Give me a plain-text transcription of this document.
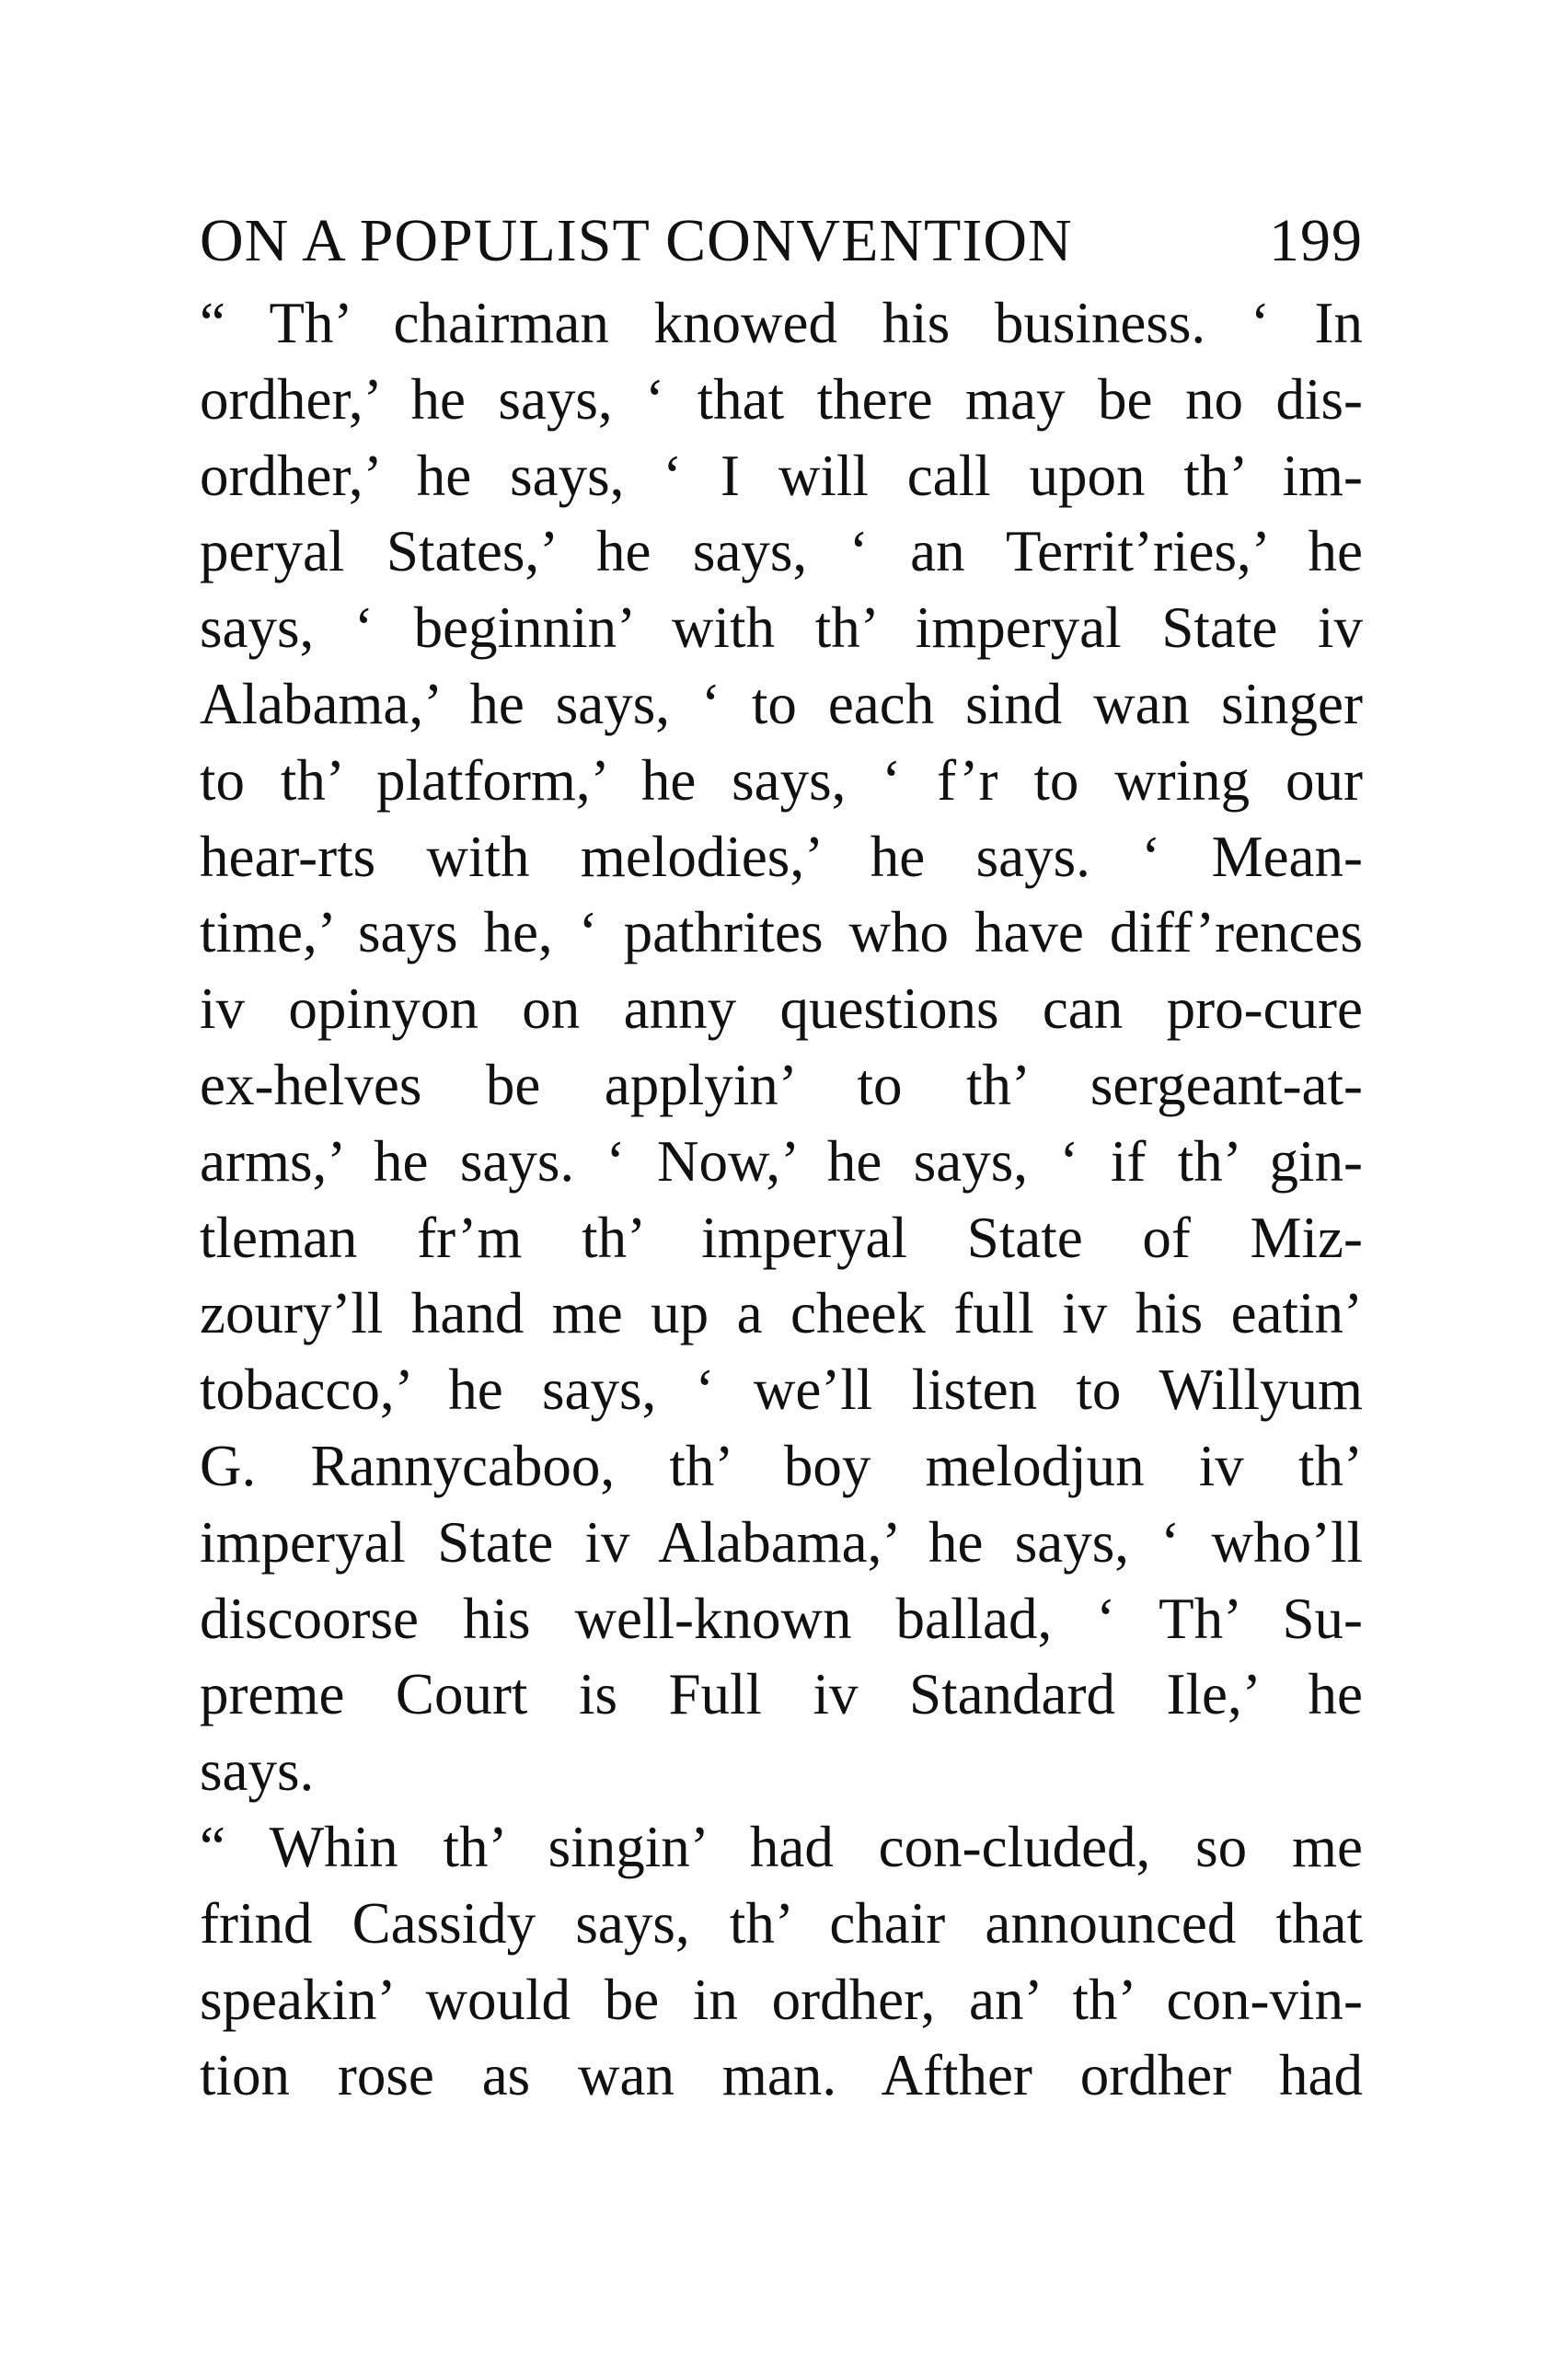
ON A POPULIST CONVENTION	199
“ Th’ chairman knowed his business. ‘ In
ordher,’ he says, ‘ that there may be no dis-
ordher,’ he says, ‘ I will call upon th’ im-
peryal States,’ he says, ‘ an Territ’ries,’ he
says, ‘ beginnin’ with th’ imperyal State iv
Alabama,’ he says, ‘ to each sind wan singer
to th’ platform,’ he says, ‘ f’r to wring our
hear-rts with melodies,’ he says. ‘ Mean-
time,’ says he, ‘ pathrites who have diff’rences
iv opinyon on anny questions can pro-cure
ex-helves be applyin’ to th’ sergeant-at-
arms,’ he says. ‘ Now,’ he says, ‘ if th’ gin-
tleman fr’m th’ imperyal State of Miz-
zoury’ll hand me up a cheek full iv his eatin’
tobacco,’ he says, ‘ we’ll listen to Willyum
G. Rannycaboo, th’ boy melodjun iv th’
imperyal State iv Alabama,’ he says, ‘ who’ll
discoorse his well-known ballad, ‘ Th’ Su-
preme Court is Full iv Standard Ile,’ he
says.
“ Whin th’ singin’ had con-cluded, so me
frind Cassidy says, th’ chair announced that
speakin’ would be in ordher, an’ th’ con-vin-
tion rose as wan man. Afther ordher had
